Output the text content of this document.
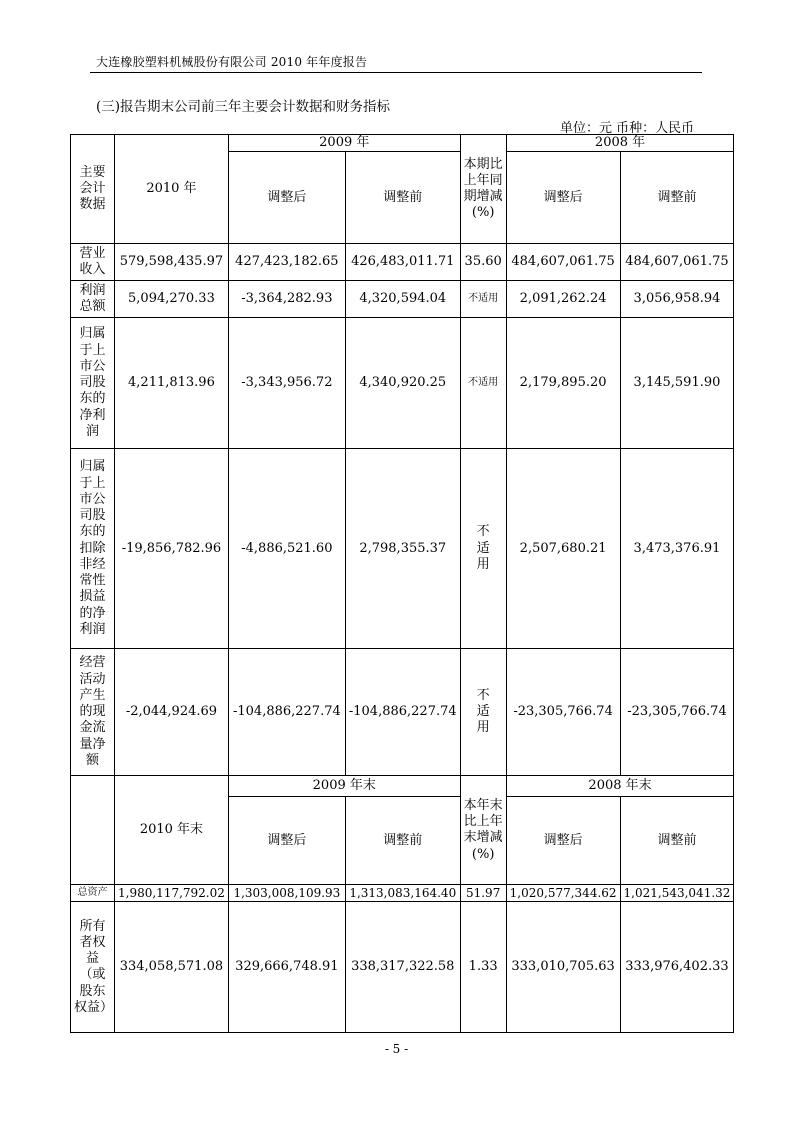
大连橡胶塑料机械股份有限公司 2010 年年度报告
(三)报告期末公司前三年主要会计数据和财务指标
单位：元 币种：人民币
主要会计数据	2010 年	2009 年		本期比上年同期增减(%)	2008 年	
		调整后	调整前		调整后	调整前
营业收入	579,598,435.97	427,423,182.65	426,483,011.71	35.60	484,607,061.75	484,607,061.75
利润总额	5,094,270.33	-3,364,282.93	4,320,594.04	不适用	2,091,262.24	3,056,958.94
归属于上市公司股东的净利润	4,211,813.96	-3,343,956.72	4,340,920.25	不适用	2,179,895.20	3,145,591.90
归属于上市公司股东的扣除非经常性损益的净利润	-19,856,782.96	-4,886,521.60	2,798,355.37	不适用	2,507,680.21	3,473,376.91
经营活动产生的现金流量净额	-2,044,924.69	-104,886,227.74	-104,886,227.74	不适用	-23,305,766.74	-23,305,766.74
	2010 年末	2009 年末		本年末比上年末增减(%)	2008 年末	
		调整后	调整前		调整后	调整前
总资产	1,980,117,792.02	1,303,008,109.93	1,313,083,164.40	51.97	1,020,577,344.62	1,021,543,041.32
所有者权益（或股东权益）	334,058,571.08	329,666,748.91	338,317,322.58	1.33	333,010,705.63	333,976,402.33
- 5 -
